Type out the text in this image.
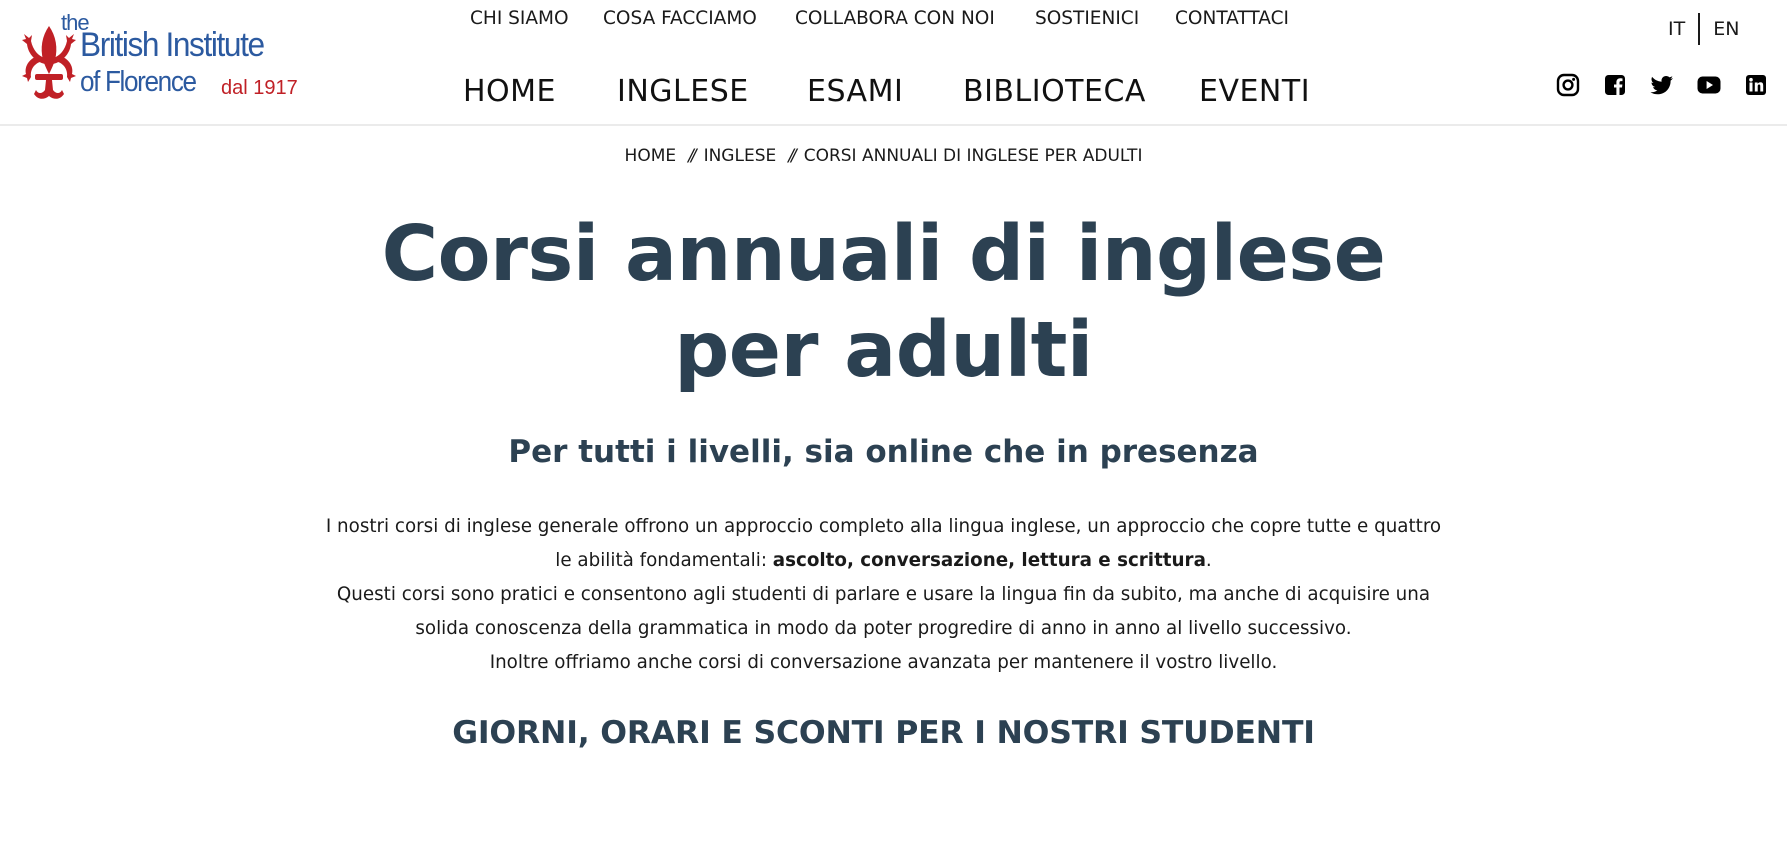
the
British Institute
of Florence dal 1917
CHI SIAMO	COSA FACCIAMO	COLLABORA CON NOI	SOSTIENICI	CONTATTACI
HOME	INGLESE	ESAMI	BIBLIOTECA	EVENTI
IT EN
HOME // INGLESE // CORSI ANNUALI DI INGLESE PER ADULTI
Corsi annuali di inglese per adulti
Per tutti i livelli, sia online che in presenza

I nostri corsi di inglese generale offrono un approccio completo alla lingua inglese, un approccio che copre tutte e quattro

le abilità fondamentali: ascolto, conversazione, lettura e scrittura.

Questi corsi sono pratici e consentono agli studenti di parlare e usare la lingua fin da subito, ma anche di acquisire una

solida conoscenza della grammatica in modo da poter progredire di anno in anno al livello successivo.

Inoltre offriamo anche corsi di conversazione avanzata per mantenere il vostro livello.

GIORNI, ORARI E SCONTI PER I NOSTRI STUDENTI
